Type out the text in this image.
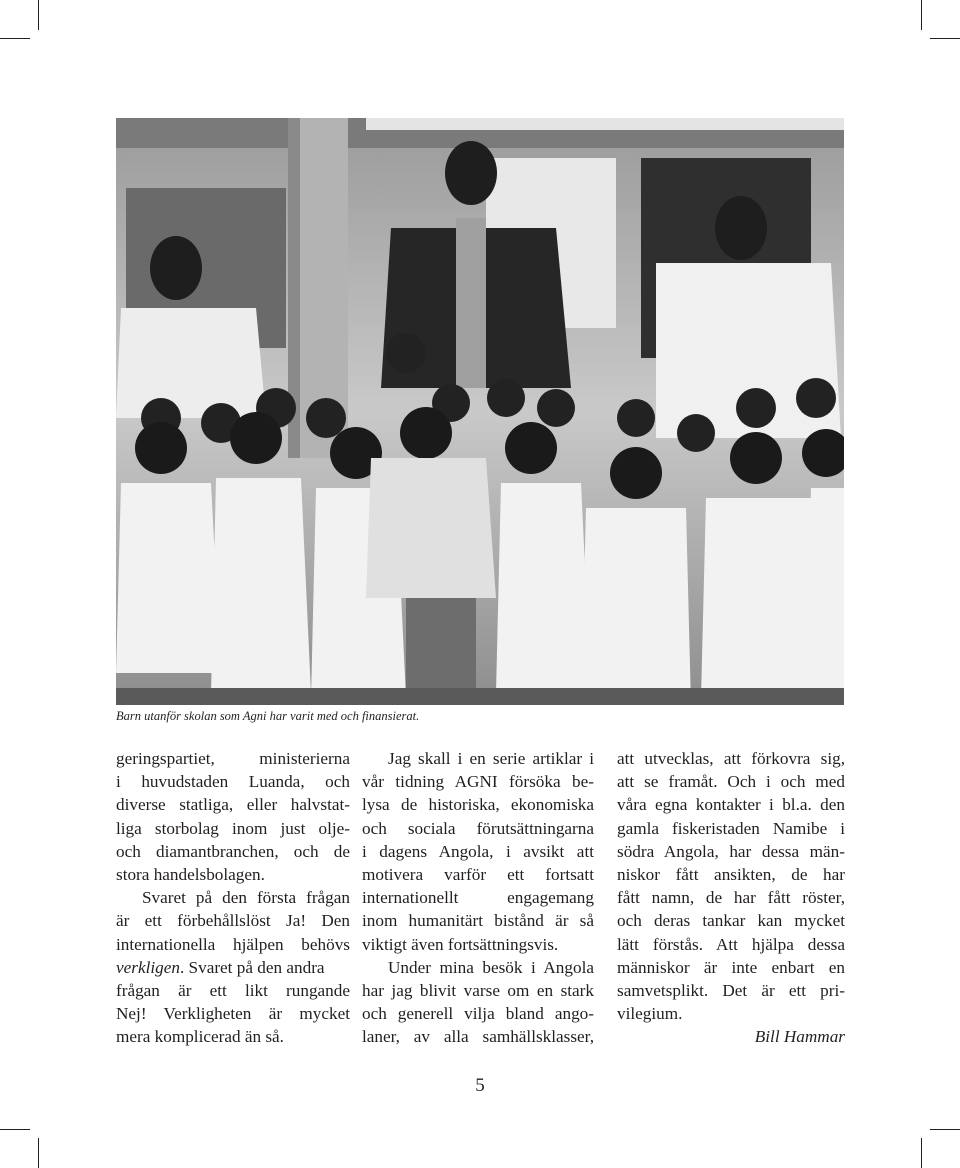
Barn utanför skolan som Agni har varit med och finansierat.
geringspartiet, ministerierna
i huvudstaden Luanda, och
diverse statliga, eller halvstat-
liga storbolag inom just olje-
och diamantbranchen, och de
stora handelsbolagen.
Svaret på den första frågan
är ett förbehållslöst Ja! Den
internationella hjälpen behövs
verkligen. Svaret på den andra
frågan är ett likt rungande
Nej! Verkligheten är mycket
mera komplicerad än så.
Jag skall i en serie artiklar i
vår tidning AGNI försöka be-
lysa de historiska, ekonomiska
och sociala förutsättningarna
i dagens Angola, i avsikt att
motivera varför ett fortsatt
internationellt engagemang
inom humanitärt bistånd är så
viktigt även fortsättningsvis.
Under mina besök i Angola
har jag blivit varse om en stark
och generell vilja bland ango-
laner, av alla samhällsklasser,
att utvecklas, att förkovra sig,
att se framåt. Och i och med
våra egna kontakter i bl.a. den
gamla fiskeristaden Namibe i
södra Angola, har dessa män-
niskor fått ansikten, de har
fått namn, de har fått röster,
och deras tankar kan mycket
lätt förstås. Att hjälpa dessa
människor är inte enbart en
samvetsplikt. Det är ett pri-
vilegium.
Bill Hammar
5
